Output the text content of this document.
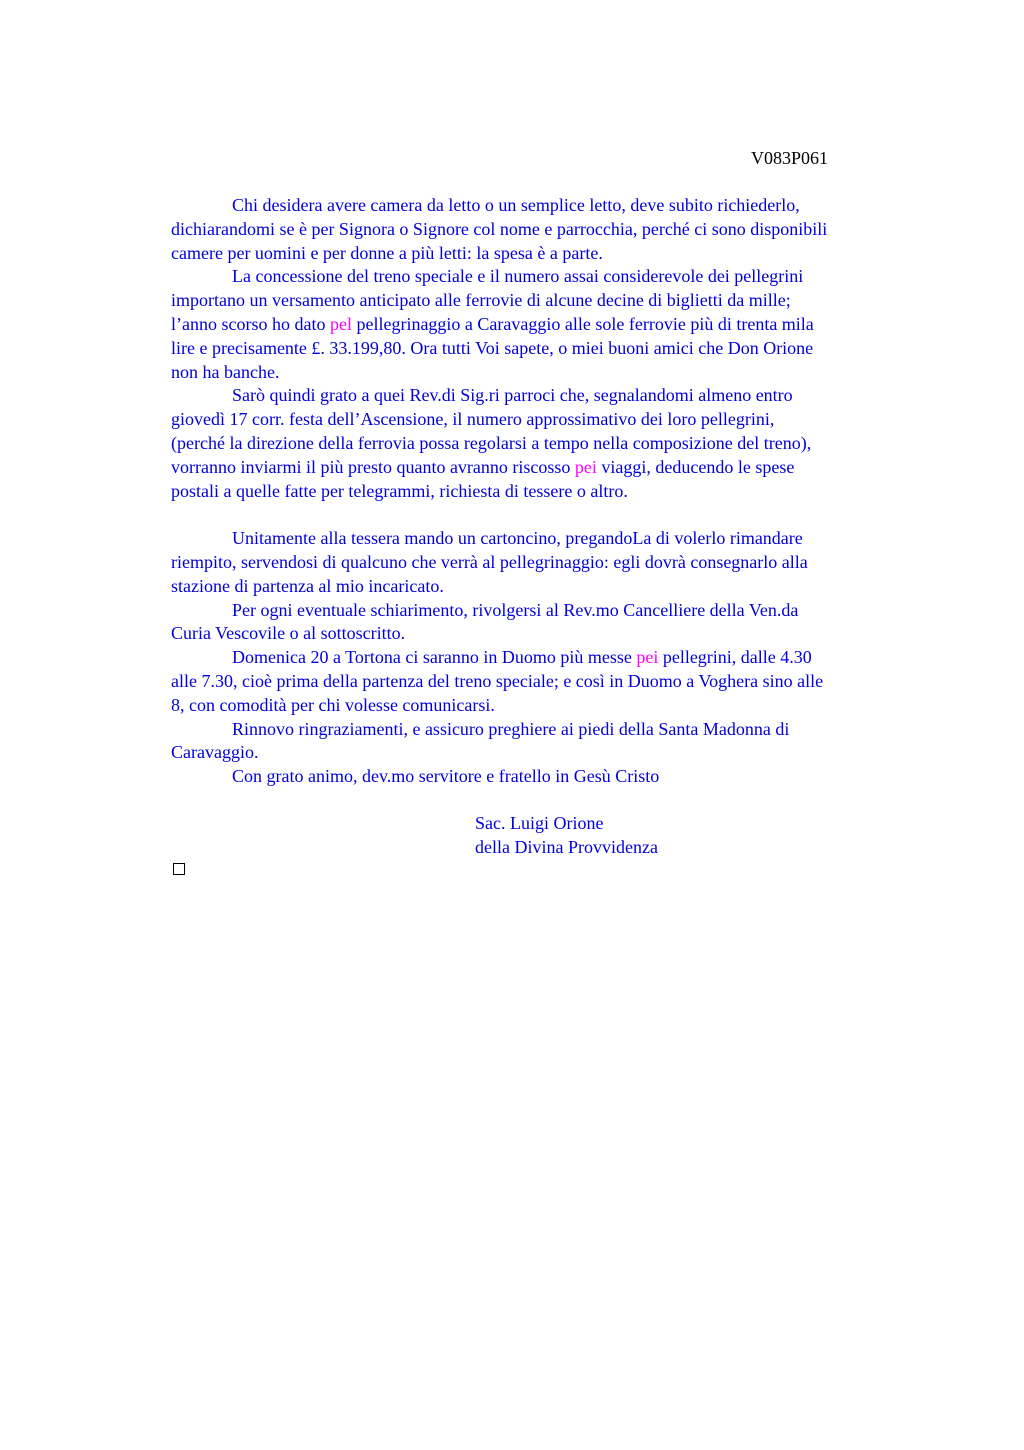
V083P061
Chi desidera avere camera da letto o un semplice letto, deve subito richiederlo,
dichiarandomi se è per Signora o Signore col nome e parrocchia, perché ci sono disponibili
camere per uomini e per donne a più letti: la spesa è a parte.
La concessione del treno speciale e il numero assai considerevole dei pellegrini
importano un versamento anticipato alle ferrovie di alcune decine di biglietti da mille;
l’anno scorso ho dato pel pellegrinaggio a Caravaggio alle sole ferrovie più di trenta mila
lire e precisamente £. 33.199,80. Ora tutti Voi sapete, o miei buoni amici che Don Orione
non ha banche.
Sarò quindi grato a quei Rev.di Sig.ri parroci che, segnalandomi almeno entro
giovedì 17 corr. festa dell’Ascensione, il numero approssimativo dei loro pellegrini,
(perché la direzione della ferrovia possa regolarsi a tempo nella composizione del treno),
vorranno inviarmi il più presto quanto avranno riscosso pei viaggi, deducendo le spese
postali a quelle fatte per telegrammi, richiesta di tessere o altro.
Unitamente alla tessera mando un cartoncino, pregandoLa di volerlo rimandare
riempito, servendosi di qualcuno che verrà al pellegrinaggio: egli dovrà consegnarlo alla
stazione di partenza al mio incaricato.
Per ogni eventuale schiarimento, rivolgersi al Rev.mo Cancelliere della Ven.da
Curia Vescovile o al sottoscritto.
Domenica 20 a Tortona ci saranno in Duomo più messe pei pellegrini, dalle 4.30
alle 7.30, cioè prima della partenza del treno speciale; e così in Duomo a Voghera sino alle
8, con comodità per chi volesse comunicarsi.
Rinnovo ringraziamenti, e assicuro preghiere ai piedi della Santa Madonna di
Caravaggio.
Con grato animo, dev.mo servitore e fratello in Gesù Cristo
Sac. Luigi Orione
della Divina Provvidenza
